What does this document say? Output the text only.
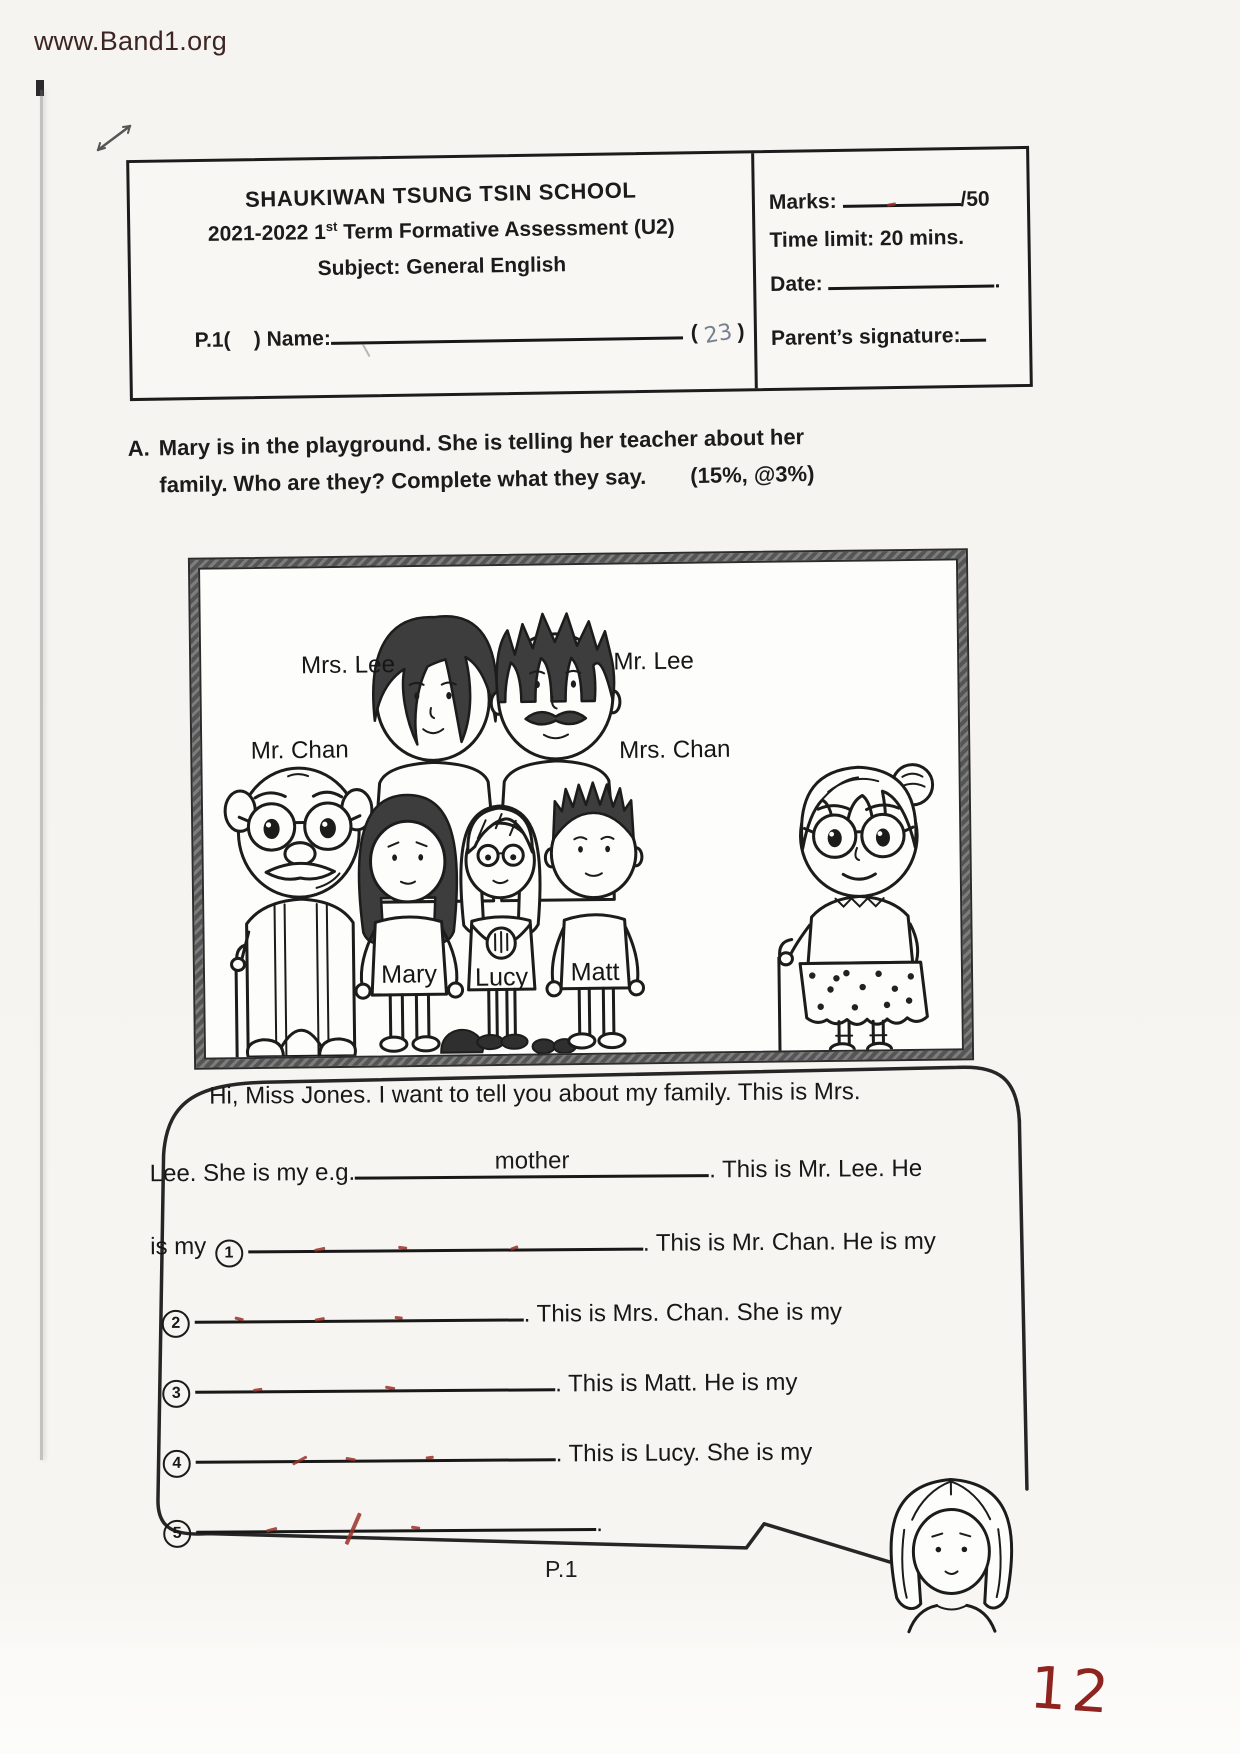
www.Band1.org
SHAUKIWAN TSUNG TSIN SCHOOL
2021-2022 1st Term Formative Assessment (U2)
Subject: General English

P.1(    ) Name:	( 23 )

Marks:	/50
Time limit: 20 mins.
Date:	.
Parent’s signature:
A. Mary is in the playground. She is telling her teacher about her
family. Who are they? Complete what they say. (15%, @3%)
Mrs. Lee	Mr. Lee
Mr. Chan	Mrs. Chan
Mary Lucy Matt
Hi, Miss Jones. I want to tell you about my family. This is Mrs.
Lee. She is my e.g.	mother	. This is Mr. Lee. He
is my 1	. This is Mr. Chan. He is my
2	. This is Mrs. Chan. She is my
3	. This is Matt. He is my
4	. This is Lucy. She is my
5	.
P.1
12
